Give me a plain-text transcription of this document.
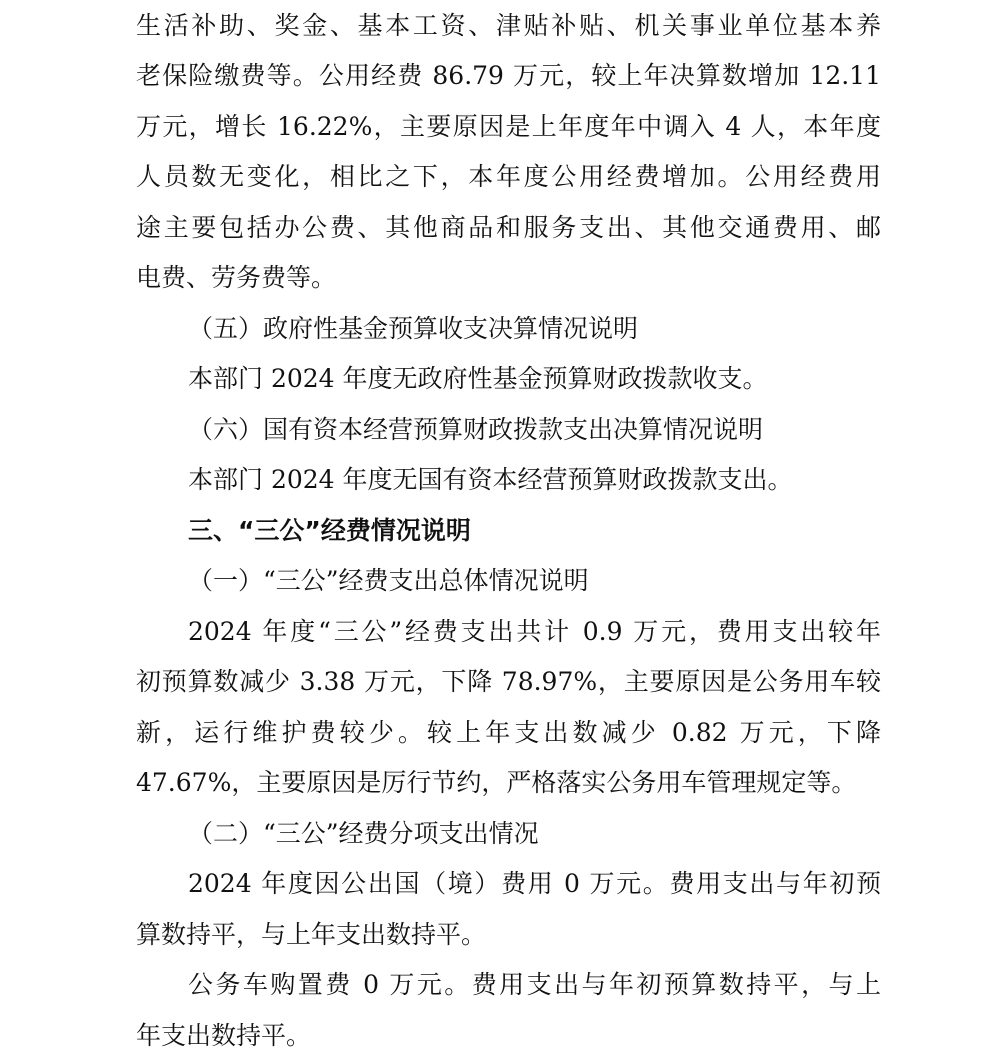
生活补助、奖金、基本工资、津贴补贴、机关事业单位基本养
老保险缴费等。公用经费 86.79 万元，较上年决算数增加 12.11
万元，增长 16.22%，主要原因是上年度年中调入 4 人，本年度
人员数无变化，相比之下，本年度公用经费增加。公用经费用
途主要包括办公费、其他商品和服务支出、其他交通费用、邮
电费、劳务费等。
（五）政府性基金预算收支决算情况说明
本部门 2024 年度无政府性基金预算财政拨款收支。
（六）国有资本经营预算财政拨款支出决算情况说明
本部门 2024 年度无国有资本经营预算财政拨款支出。
三、“三公”经费情况说明
（一）“三公”经费支出总体情况说明
2024 年度“三公”经费支出共计 0.9 万元，费用支出较年
初预算数减少 3.38 万元，下降 78.97%，主要原因是公务用车较
新，运行维护费较少。较上年支出数减少 0.82 万元，下降
47.67%，主要原因是厉行节约，严格落实公务用车管理规定等。
（二）“三公”经费分项支出情况
2024 年度因公出国（境）费用 0 万元。费用支出与年初预
算数持平，与上年支出数持平。
公务车购置费 0 万元。费用支出与年初预算数持平，与上
年支出数持平。
